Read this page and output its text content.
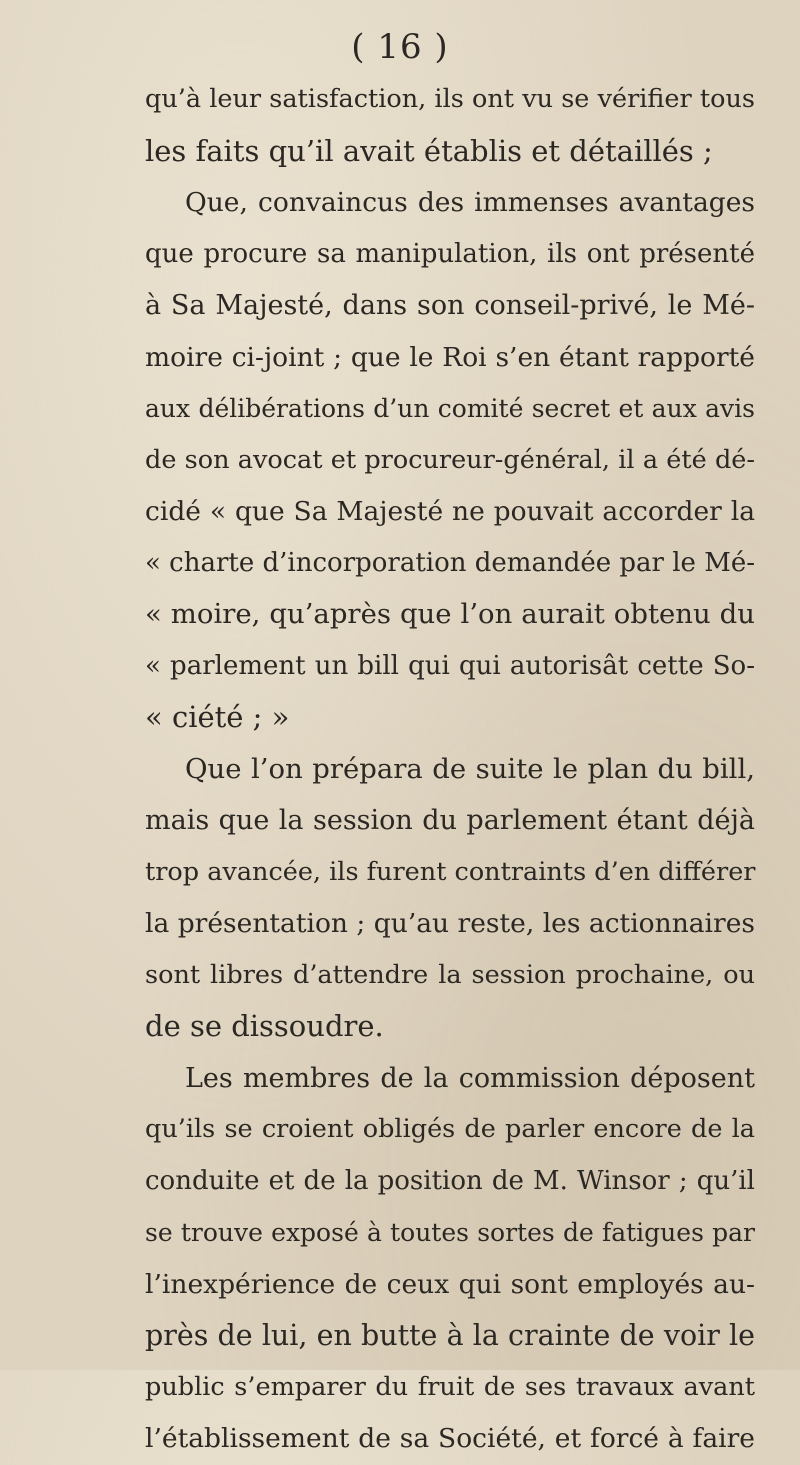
( 16 )
qu’à leur satisfaction, ils ont vu se vérifier tous
les faits qu’il avait établis et détaillés ;
Que, convaincus des immenses avantages
que procure sa manipulation, ils ont présenté
à Sa Majesté, dans son conseil-privé, le Mé-
moire ci-joint ; que le Roi s’en étant rapporté
aux délibérations d’un comité secret et aux avis
de son avocat et procureur-général, il a été dé-
cidé « que Sa Majesté ne pouvait accorder la
« charte d’incorporation demandée par le Mé-
« moire, qu’après que l’on aurait obtenu du
« parlement un bill qui qui autorisât cette So-
« ciété ; »
Que l’on prépara de suite le plan du bill,
mais que la session du parlement étant déjà
trop avancée, ils furent contraints d’en différer
la présentation ; qu’au reste, les actionnaires
sont libres d’attendre la session prochaine, ou
de se dissoudre.
Les membres de la commission déposent
qu’ils se croient obligés de parler encore de la
conduite et de la position de M. Winsor ; qu’il
se trouve exposé à toutes sortes de fatigues par
l’inexpérience de ceux qui sont employés au-
près de lui, en butte à la crainte de voir le
public s’emparer du fruit de ses travaux avant
l’établissement de sa Société, et forcé à faire
